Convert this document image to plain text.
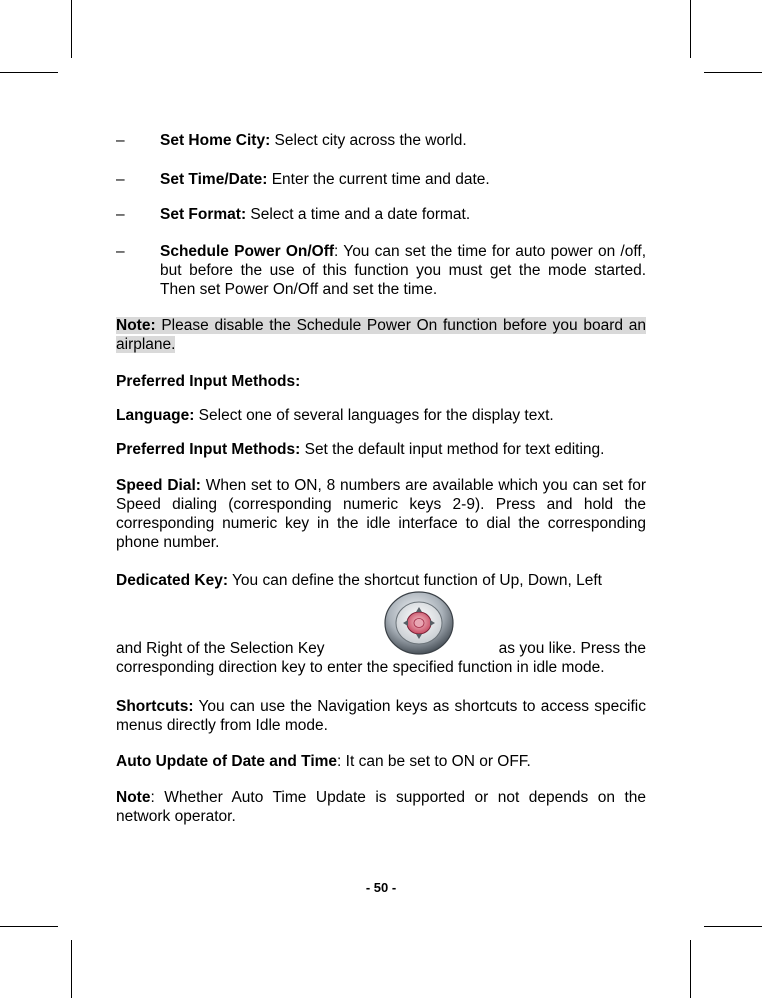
– Set Home City: Select city across the world.
– Set Time/Date: Enter the current time and date.
– Set Format: Select a time and a date format.
– Schedule Power On/Off: You can set the time for auto power on /off, but before the use of this function you must get the mode started. Then set Power On/Off and set the time.
Note: Please disable the Schedule Power On function before you board an airplane.
Preferred Input Methods:
Language: Select one of several languages for the display text.
Preferred Input Methods: Set the default input method for text editing.
Speed Dial: When set to ON, 8 numbers are available which you can set for Speed dialing (corresponding numeric keys 2-9). Press and hold the corresponding numeric key in the idle interface to dial the corresponding phone number.
Dedicated Key: You can define the shortcut function of Up, Down, Left
and Right of the Selection Key	as you like. Press the
corresponding direction key to enter the specified function in idle mode.
Shortcuts: You can use the Navigation keys as shortcuts to access specific menus directly from Idle mode.
Auto Update of Date and Time: It can be set to ON or OFF.
Note: Whether Auto Time Update is supported or not depends on the network operator.
- 50 -
